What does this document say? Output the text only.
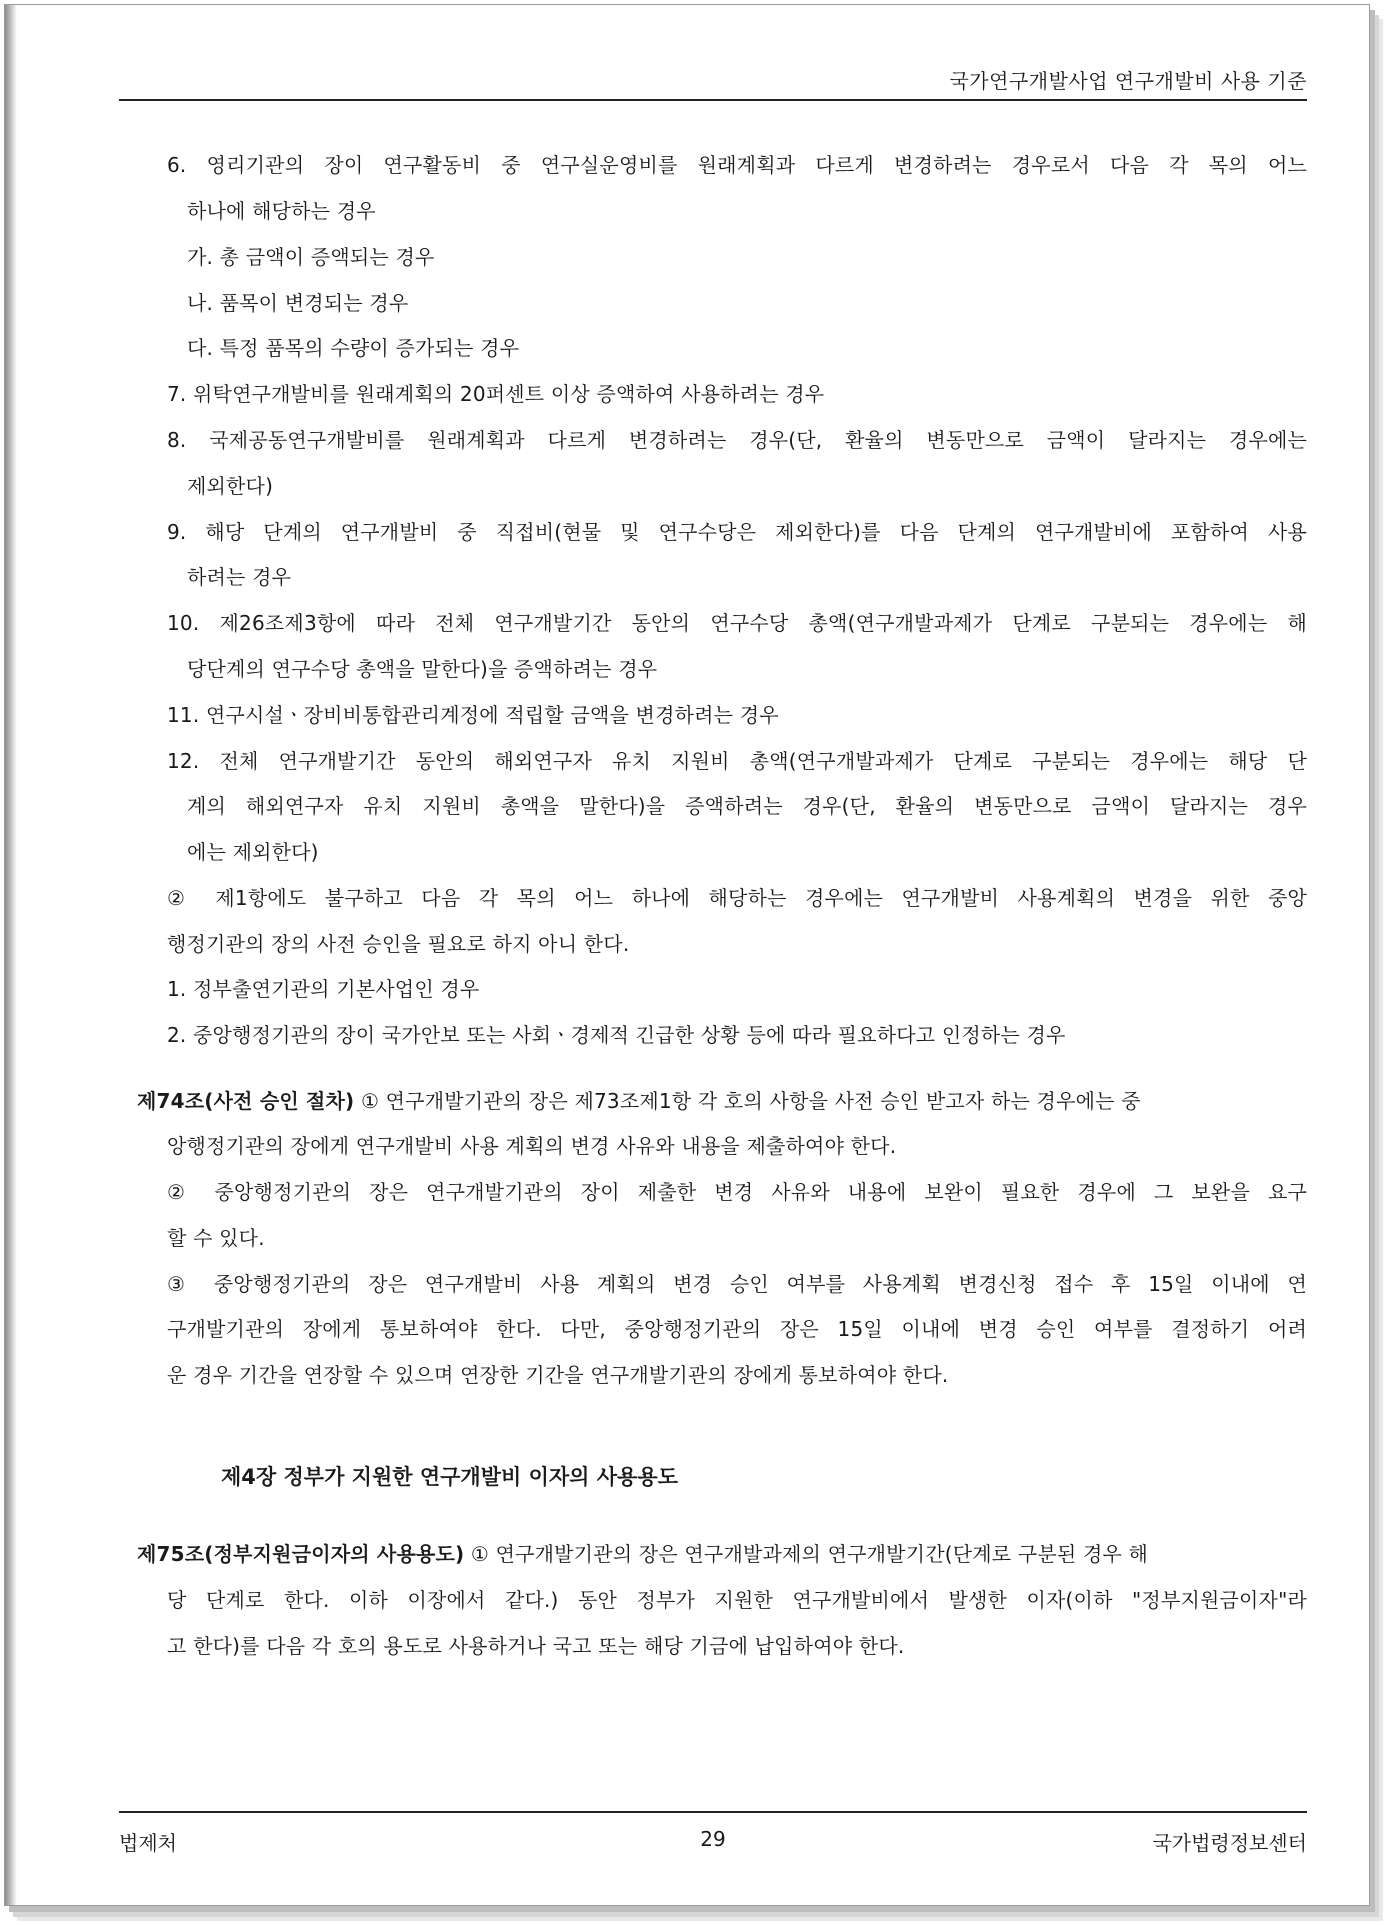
국가연구개발사업 연구개발비 사용 기준
6. 영리기관의 장이 연구활동비 중 연구실운영비를 원래계획과 다르게 변경하려는 경우로서 다음 각 목의 어느
하나에 해당하는 경우
가. 총 금액이 증액되는 경우
나. 품목이 변경되는 경우
다. 특정 품목의 수량이 증가되는 경우
7. 위탁연구개발비를 원래계획의 20퍼센트 이상 증액하여 사용하려는 경우
8. 국제공동연구개발비를 원래계획과 다르게 변경하려는 경우(단, 환율의 변동만으로 금액이 달라지는 경우에는
제외한다)
9. 해당 단계의 연구개발비 중 직접비(현물 및 연구수당은 제외한다)를 다음 단계의 연구개발비에 포함하여 사용
하려는 경우
10. 제26조제3항에 따라 전체 연구개발기간 동안의 연구수당 총액(연구개발과제가 단계로 구분되는 경우에는 해
당단계의 연구수당 총액을 말한다)을 증액하려는 경우
11. 연구시설ㆍ장비비통합관리계정에 적립할 금액을 변경하려는 경우
12. 전체 연구개발기간 동안의 해외연구자 유치 지원비 총액(연구개발과제가 단계로 구분되는 경우에는 해당 단
계의 해외연구자 유치 지원비 총액을 말한다)을 증액하려는 경우(단, 환율의 변동만으로 금액이 달라지는 경우
에는 제외한다)
② 제1항에도 불구하고 다음 각 목의 어느 하나에 해당하는 경우에는 연구개발비 사용계획의 변경을 위한 중앙
행정기관의 장의 사전 승인을 필요로 하지 아니 한다.
1. 정부출연기관의 기본사업인 경우
2. 중앙행정기관의 장이 국가안보 또는 사회ㆍ경제적 긴급한 상황 등에 따라 필요하다고 인정하는 경우
제74조(사전 승인 절차) ① 연구개발기관의 장은 제73조제1항 각 호의 사항을 사전 승인 받고자 하는 경우에는 중
앙행정기관의 장에게 연구개발비 사용 계획의 변경 사유와 내용을 제출하여야 한다.
② 중앙행정기관의 장은 연구개발기관의 장이 제출한 변경 사유와 내용에 보완이 필요한 경우에 그 보완을 요구
할 수 있다.
③ 중앙행정기관의 장은 연구개발비 사용 계획의 변경 승인 여부를 사용계획 변경신청 접수 후 15일 이내에 연
구개발기관의 장에게 통보하여야 한다. 다만, 중앙행정기관의 장은 15일 이내에 변경 승인 여부를 결정하기 어려
운 경우 기간을 연장할 수 있으며 연장한 기간을 연구개발기관의 장에게 통보하여야 한다.
제4장 정부가 지원한 연구개발비 이자의 사용용도
제75조(정부지원금이자의 사용용도) ① 연구개발기관의 장은 연구개발과제의 연구개발기간(단계로 구분된 경우 해
당 단계로 한다. 이하 이장에서 같다.) 동안 정부가 지원한 연구개발비에서 발생한 이자(이하 "정부지원금이자"라
고 한다)를 다음 각 호의 용도로 사용하거나 국고 또는 해당 기금에 납입하여야 한다.
법제처	29	국가법령정보센터
